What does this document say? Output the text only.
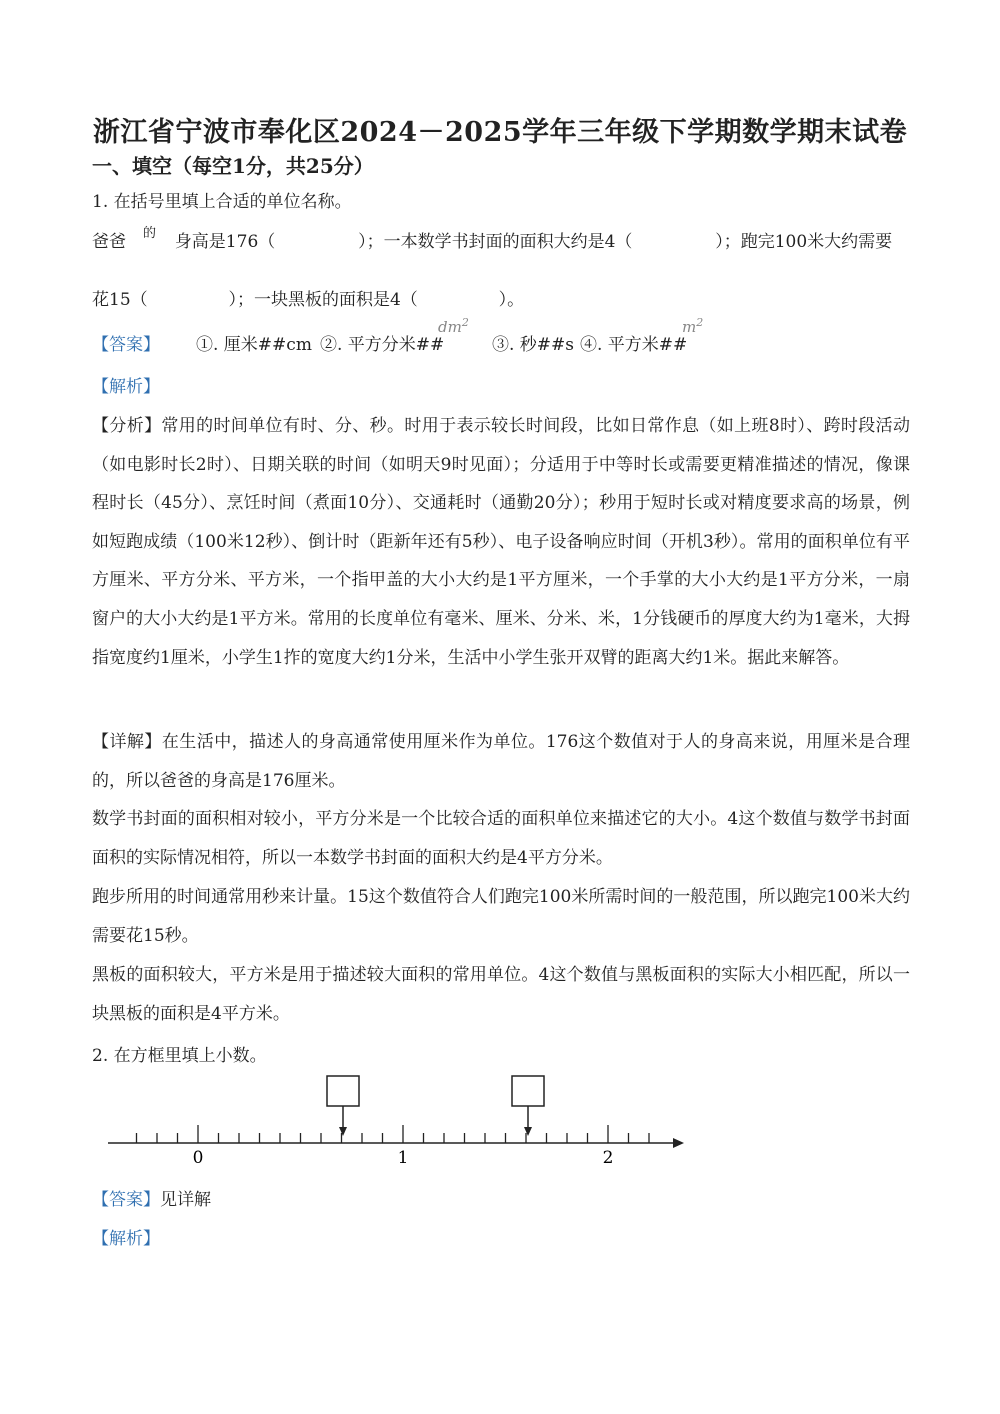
浙江省宁波市奉化区2024－2025学年三年级下学期数学期末试卷
一、填空（每空1分，共25分）
1. 在括号里填上合适的单位名称。
的
爸爸	身高是176（	）；一本数学书封面的面积大约是4（	）；跑完100米大约需要
花15（	）；一块黑板的面积是4（	）。
【答案】 ①. 厘米##cm ②. 平方分米##
$dm^2$
③. 秒##s ④. 平方米##
$m^2$
【解析】
【分析】常用的时间单位有时、分、秒。时用于表示较长时间段，比如日常作息（如上班8时）、跨时段活动（如电影时长2时）、日期关联的时间（如明天9时见面）；分适用于中等时长或需要更精准描述的情况，像课程时长（45分）、烹饪时间（煮面10分）、交通耗时（通勤20分）；秒用于短时长或对精度要求高的场景，例如短跑成绩（100米12秒）、倒计时（距新年还有5秒）、电子设备响应时间（开机3秒）。常用的面积单位有平方厘米、平方分米、平方米，一个指甲盖的大小大约是1平方厘米，一个手掌的大小大约是1平方分米，一扇窗户的大小大约是1平方米。常用的长度单位有毫米、厘米、分米、米，1分钱硬币的厚度大约为1毫米，大拇指宽度约1厘米，小学生1拃的宽度大约1分米，生活中小学生张开双臂的距离大约1米。据此来解答。
【详解】在生活中，描述人的身高通常使用厘米作为单位。176这个数值对于人的身高来说，用厘米是合理的，所以爸爸的身高是176厘米。
数学书封面的面积相对较小，平方分米是一个比较合适的面积单位来描述它的大小。4这个数值与数学书封面面积的实际情况相符，所以一本数学书封面的面积大约是4平方分米。
跑步所用的时间通常用秒来计量。15这个数值符合人们跑完100米所需时间的一般范围，所以跑完100米大约需要花15秒。
黑板的面积较大，平方米是用于描述较大面积的常用单位。4这个数值与黑板面积的实际大小相匹配，所以一块黑板的面积是4平方米。
2. 在方框里填上小数。
0	1	2
【答案】见详解
【解析】
